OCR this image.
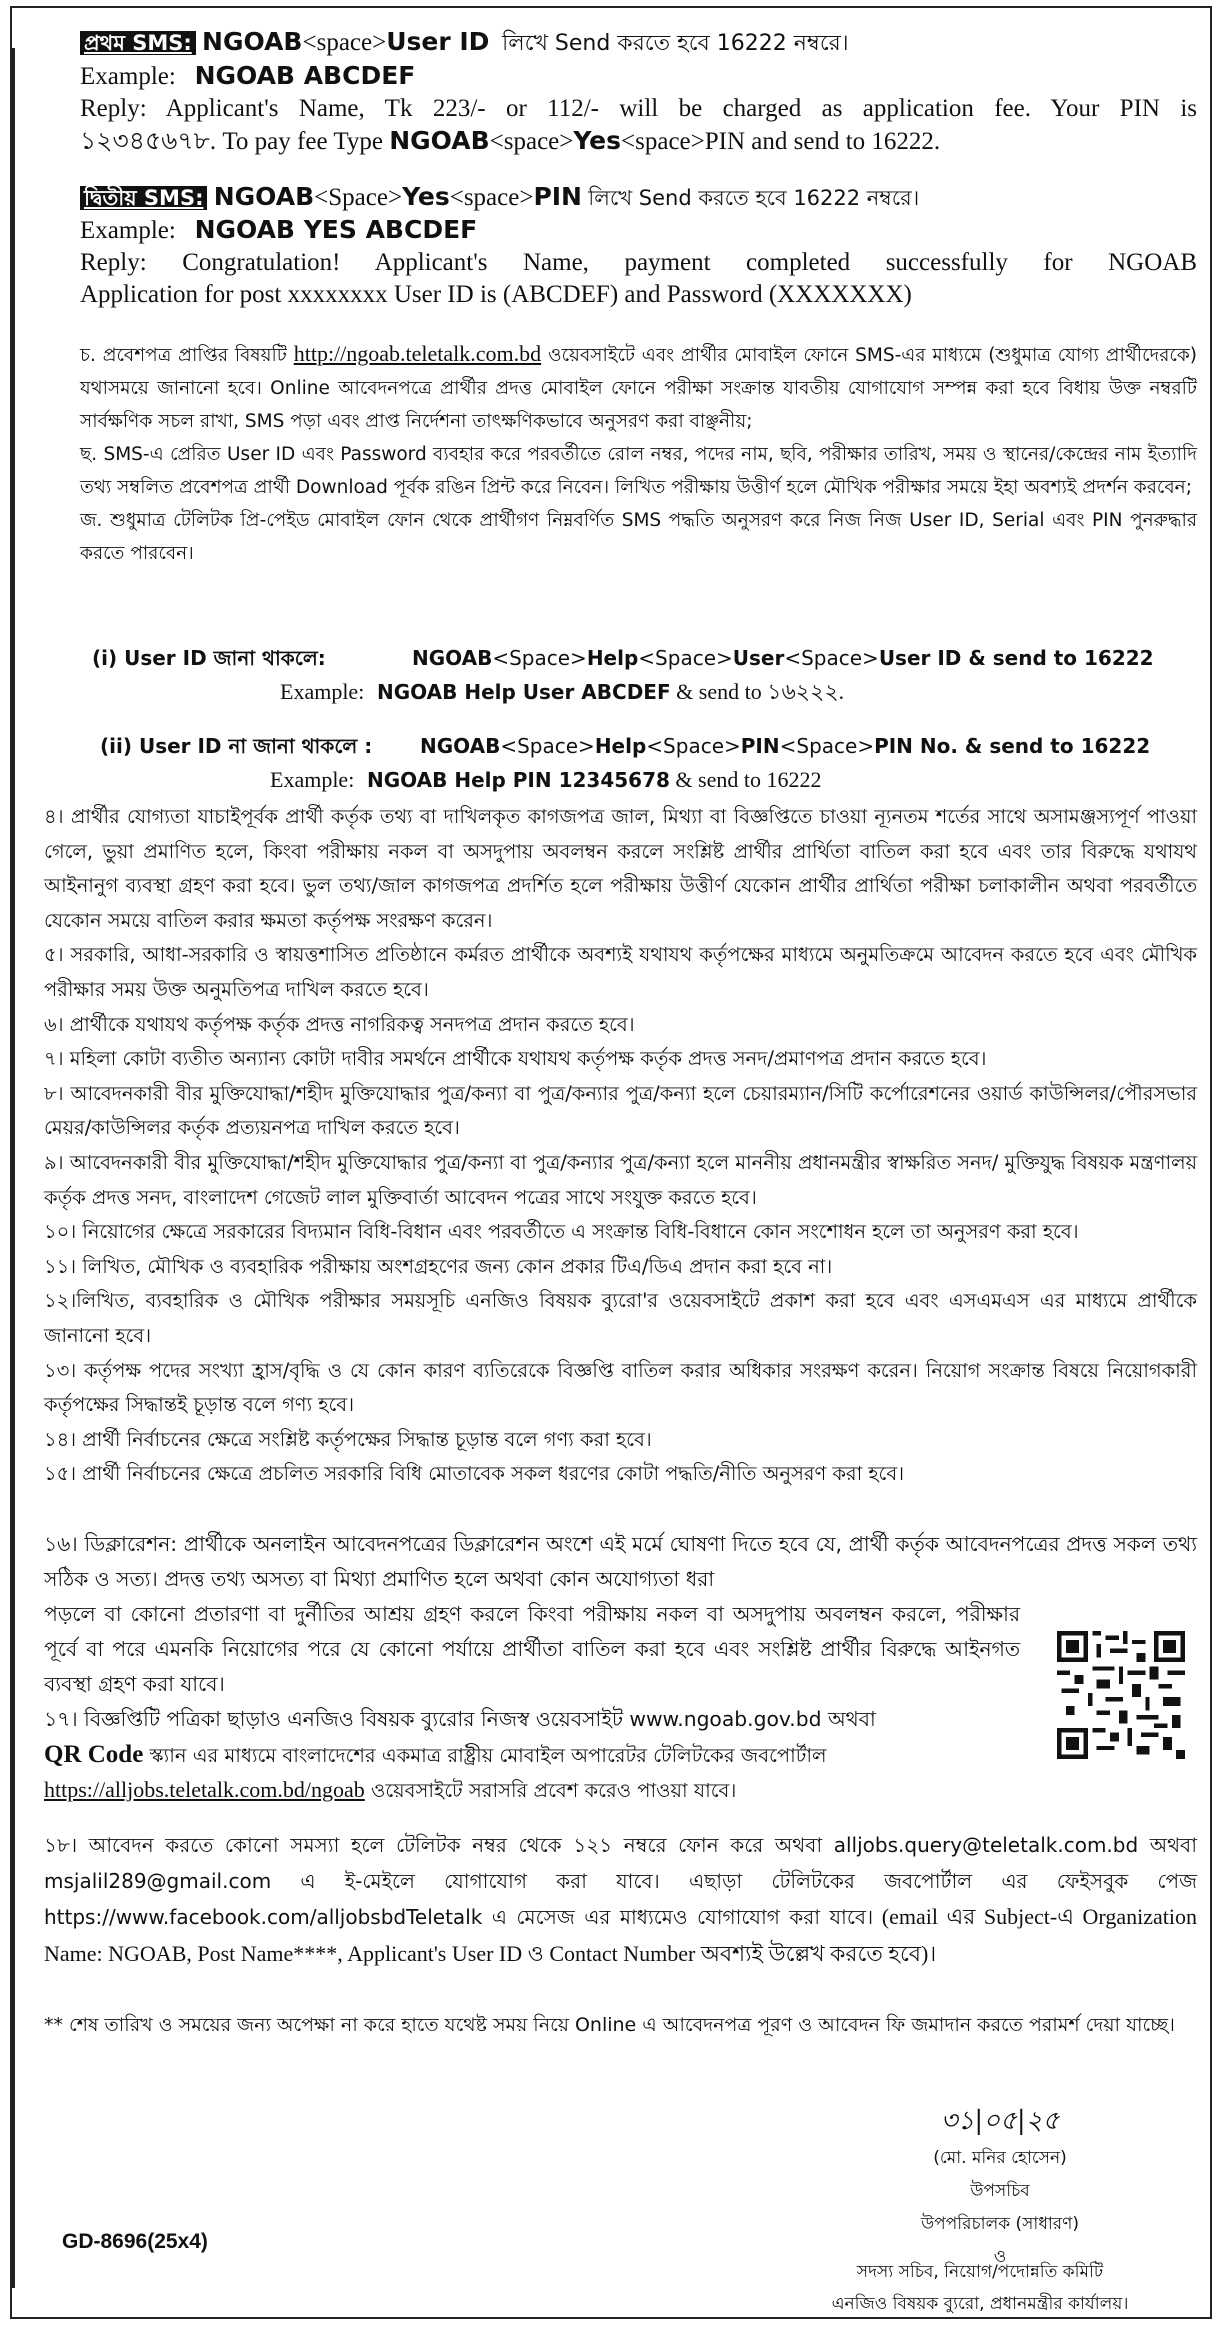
প্রথম SMS: NGOAB<space>User ID লিখে Send করতে হবে 16222 নম্বরে।
Example: NGOAB ABCDEF
Reply: Applicant's Name, Tk 223/- or 112/- will be charged as application fee. Your PIN is
১২৩৪৫৬৭৮. To pay fee Type NGOAB<space>Yes<space>PIN and send to 16222.
দ্বিতীয় SMS: NGOAB<Space>Yes<space>PIN লিখে Send করতে হবে 16222 নম্বরে।
Example: NGOAB YES ABCDEF
Reply: Congratulation! Applicant's Name, payment completed successfully for NGOAB
Application for post xxxxxxxx User ID is (ABCDEF) and Password (XXXXXXX)
চ. প্রবেশপত্র প্রাপ্তির বিষয়টি http://ngoab.teletalk.com.bd ওয়েবসাইটে এবং প্রার্থীর মোবাইল ফোনে SMS-এর মাধ্যমে (শুধুমাত্র যোগ্য প্রার্থীদেরকে) যথাসময়ে জানানো হবে। Online আবেদনপত্রে প্রার্থীর প্রদত্ত মোবাইল ফোনে পরীক্ষা সংক্রান্ত যাবতীয় যোগাযোগ সম্পন্ন করা হবে বিধায় উক্ত নম্বরটি সার্বক্ষণিক সচল রাখা, SMS পড়া এবং প্রাপ্ত নির্দেশনা তাৎক্ষণিকভাবে অনুসরণ করা বাঞ্ছনীয়;
ছ. SMS-এ প্রেরিত User ID এবং Password ব্যবহার করে পরবর্তীতে রোল নম্বর, পদের নাম, ছবি, পরীক্ষার তারিখ, সময় ও স্থানের/কেন্দ্রের নাম ইত্যাদি তথ্য সম্বলিত প্রবেশপত্র প্রার্থী Download পূর্বক রঙিন প্রিন্ট করে নিবেন। লিখিত পরীক্ষায় উত্তীর্ণ হলে মৌখিক পরীক্ষার সময়ে ইহা অবশ্যই প্রদর্শন করবেন;
জ. শুধুমাত্র টেলিটক প্রি-পেইড মোবাইল ফোন থেকে প্রার্থীগণ নিম্নবর্ণিত SMS পদ্ধতি অনুসরণ করে নিজ নিজ User ID, Serial এবং PIN পুনরুদ্ধার করতে পারবেন।
(i) User ID জানা থাকলে:	NGOAB<Space>Help<Space>User<Space>User ID & send to 16222
Example: NGOAB Help User ABCDEF & send to ১৬২২২.
(ii) User ID না জানা থাকলে : NGOAB<Space>Help<Space>PIN<Space>PIN No. & send to 16222
Example: NGOAB Help PIN 12345678 & send to 16222

৪। প্রার্থীর যোগ্যতা যাচাইপূর্বক প্রার্থী কর্তৃক তথ্য বা দাখিলকৃত কাগজপত্র জাল, মিথ্যা বা বিজ্ঞপ্তিতে চাওয়া ন্যূনতম শর্তের সাথে অসামঞ্জস্যপূর্ণ পাওয়া গেলে, ভুয়া প্রমাণিত হলে, কিংবা পরীক্ষায় নকল বা অসদুপায় অবলম্বন করলে সংশ্লিষ্ট প্রার্থীর প্রার্থিতা বাতিল করা হবে এবং তার বিরুদ্ধে যথাযথ আইনানুগ ব্যবস্থা গ্রহণ করা হবে। ভুল তথ্য/জাল কাগজপত্র প্রদর্শিত হলে পরীক্ষায় উত্তীর্ণ যেকোন প্রার্থীর প্রার্থিতা পরীক্ষা চলাকালীন অথবা পরবর্তীতে যেকোন সময়ে বাতিল করার ক্ষমতা কর্তৃপক্ষ সংরক্ষণ করেন।

৫। সরকারি, আধা-সরকারি ও স্বায়ত্তশাসিত প্রতিষ্ঠানে কর্মরত প্রার্থীকে অবশ্যই যথাযথ কর্তৃপক্ষের মাধ্যমে অনুমতিক্রমে আবেদন করতে হবে এবং মৌখিক পরীক্ষার সময় উক্ত অনুমতিপত্র দাখিল করতে হবে।

৬। প্রার্থীকে যথাযথ কর্তৃপক্ষ কর্তৃক প্রদত্ত নাগরিকত্ব সনদপত্র প্রদান করতে হবে।

৭। মহিলা কোটা ব্যতীত অন্যান্য কোটা দাবীর সমর্থনে প্রার্থীকে যথাযথ কর্তৃপক্ষ কর্তৃক প্রদত্ত সনদ/প্রমাণপত্র প্রদান করতে হবে।

৮। আবেদনকারী বীর মুক্তিযোদ্ধা/শহীদ মুক্তিযোদ্ধার পুত্র/কন্যা বা পুত্র/কন্যার পুত্র/কন্যা হলে চেয়ারম্যান/সিটি কর্পোরেশনের ওয়ার্ড কাউন্সিলর/পৌরসভার মেয়র/কাউন্সিলর কর্তৃক প্রত্যয়নপত্র দাখিল করতে হবে।

৯। আবেদনকারী বীর মুক্তিযোদ্ধা/শহীদ মুক্তিযোদ্ধার পুত্র/কন্যা বা পুত্র/কন্যার পুত্র/কন্যা হলে মাননীয় প্রধানমন্ত্রীর স্বাক্ষরিত সনদ/ মুক্তিযুদ্ধ বিষয়ক মন্ত্রণালয় কর্তৃক প্রদত্ত সনদ, বাংলাদেশ গেজেট লাল মুক্তিবার্তা আবেদন পত্রের সাথে সংযুক্ত করতে হবে।

১০। নিয়োগের ক্ষেত্রে সরকারের বিদ্যমান বিধি-বিধান এবং পরবর্তীতে এ সংক্রান্ত বিধি-বিধানে কোন সংশোধন হলে তা অনুসরণ করা হবে।

১১। লিখিত, মৌখিক ও ব্যবহারিক পরীক্ষায় অংশগ্রহণের জন্য কোন প্রকার টিএ/ডিএ প্রদান করা হবে না।

১২।লিখিত, ব্যবহারিক ও মৌখিক পরীক্ষার সময়সূচি এনজিও বিষয়ক ব্যুরো'র ওয়েবসাইটে প্রকাশ করা হবে এবং এসএমএস এর মাধ্যমে প্রার্থীকে জানানো হবে।

১৩। কর্তৃপক্ষ পদের সংখ্যা হ্রাস/বৃদ্ধি ও যে কোন কারণ ব্যতিরেকে বিজ্ঞপ্তি বাতিল করার অধিকার সংরক্ষণ করেন। নিয়োগ সংক্রান্ত বিষয়ে নিয়োগকারী কর্তৃপক্ষের সিদ্ধান্তই চূড়ান্ত বলে গণ্য হবে।

১৪। প্রার্থী নির্বাচনের ক্ষেত্রে সংশ্লিষ্ট কর্তৃপক্ষের সিদ্ধান্ত চূড়ান্ত বলে গণ্য করা হবে।

১৫। প্রার্থী নির্বাচনের ক্ষেত্রে প্রচলিত সরকারি বিধি মোতাবেক সকল ধরণের কোটা পদ্ধতি/নীতি অনুসরণ করা হবে।

১৬। ডিক্লারেশন: প্রার্থীকে অনলাইন আবেদনপত্রের ডিক্লারেশন অংশে এই মর্মে ঘোষণা দিতে হবে যে, প্রার্থী কর্তৃক আবেদনপত্রের প্রদত্ত সকল তথ্য সঠিক ও সত্য। প্রদত্ত তথ্য অসত্য বা মিথ্যা প্রমাণিত হলে অথবা কোন অযোগ্যতা ধরা
পড়লে বা কোনো প্রতারণা বা দুর্নীতির আশ্রয় গ্রহণ করলে কিংবা পরীক্ষায় নকল বা অসদুপায় অবলম্বন করলে, পরীক্ষার পূর্বে বা পরে এমনকি নিয়োগের পরে যে কোনো পর্যায়ে প্রার্থীতা বাতিল করা হবে এবং সংশ্লিষ্ট প্রার্থীর বিরুদ্ধে আইনগত ব্যবস্থা গ্রহণ করা যাবে।
১৭। বিজ্ঞপ্তিটি পত্রিকা ছাড়াও এনজিও বিষয়ক ব্যুরোর নিজস্ব ওয়েবসাইট www.ngoab.gov.bd অথবা
QR Code স্ক্যান এর মাধ্যমে বাংলাদেশের একমাত্র রাষ্ট্রীয় মোবাইল অপারেটর টেলিটকের জবপোর্টাল
https://alljobs.teletalk.com.bd/ngoab ওয়েবসাইটে সরাসরি প্রবেশ করেও পাওয়া যাবে।
১৮। আবেদন করতে কোনো সমস্যা হলে টেলিটক নম্বর থেকে ১২১ নম্বরে ফোন করে অথবা alljobs.query@teletalk.com.bd অথবা msjalil289@gmail.com এ ই-মেইলে যোগাযোগ করা যাবে। এছাড়া টেলিটকের জবপোর্টাল এর ফেইসবুক পেজ https://www.facebook.com/alljobsbdTeletalk এ মেসেজ এর মাধ্যমেও যোগাযোগ করা যাবে। (email এর Subject-এ Organization Name: NGOAB, Post Name****, Applicant's User ID ও Contact Number অবশ্যই উল্লেখ করতে হবে)।
** শেষ তারিখ ও সময়ের জন্য অপেক্ষা না করে হাতে যথেষ্ট সময় নিয়ে Online এ আবেদনপত্র পূরণ ও আবেদন ফি জমাদান করতে পরামর্শ দেয়া যাচ্ছে।
৩১|০৫|২৫
(মো. মনির হোসেন)
উপসচিব
উপপরিচালক (সাধারণ)
ও
সদস্য সচিব, নিয়োগ/পদোন্নতি কমিটি
এনজিও বিষয়ক ব্যুরো, প্রধানমন্ত্রীর কার্যালয়।
GD-8696(25x4)
